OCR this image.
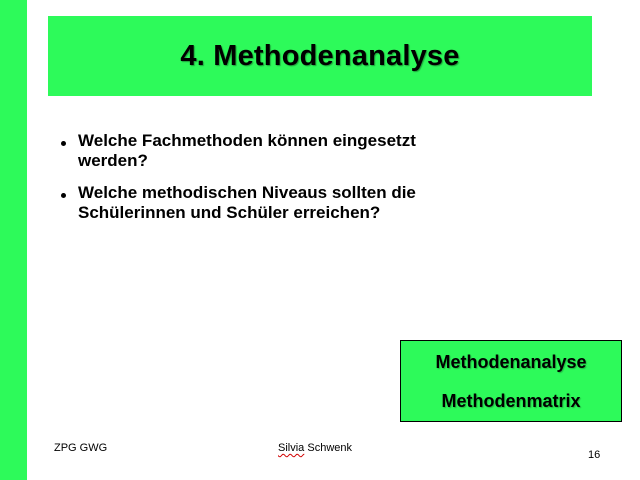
4. Methodenanalyse
Welche Fachmethoden können eingesetzt werden?
Welche methodischen Niveaus sollten die Schülerinnen und Schüler erreichen?
Methodenanalyse
Methodenmatrix
ZPG GWG	Silvia Schwenk
16
